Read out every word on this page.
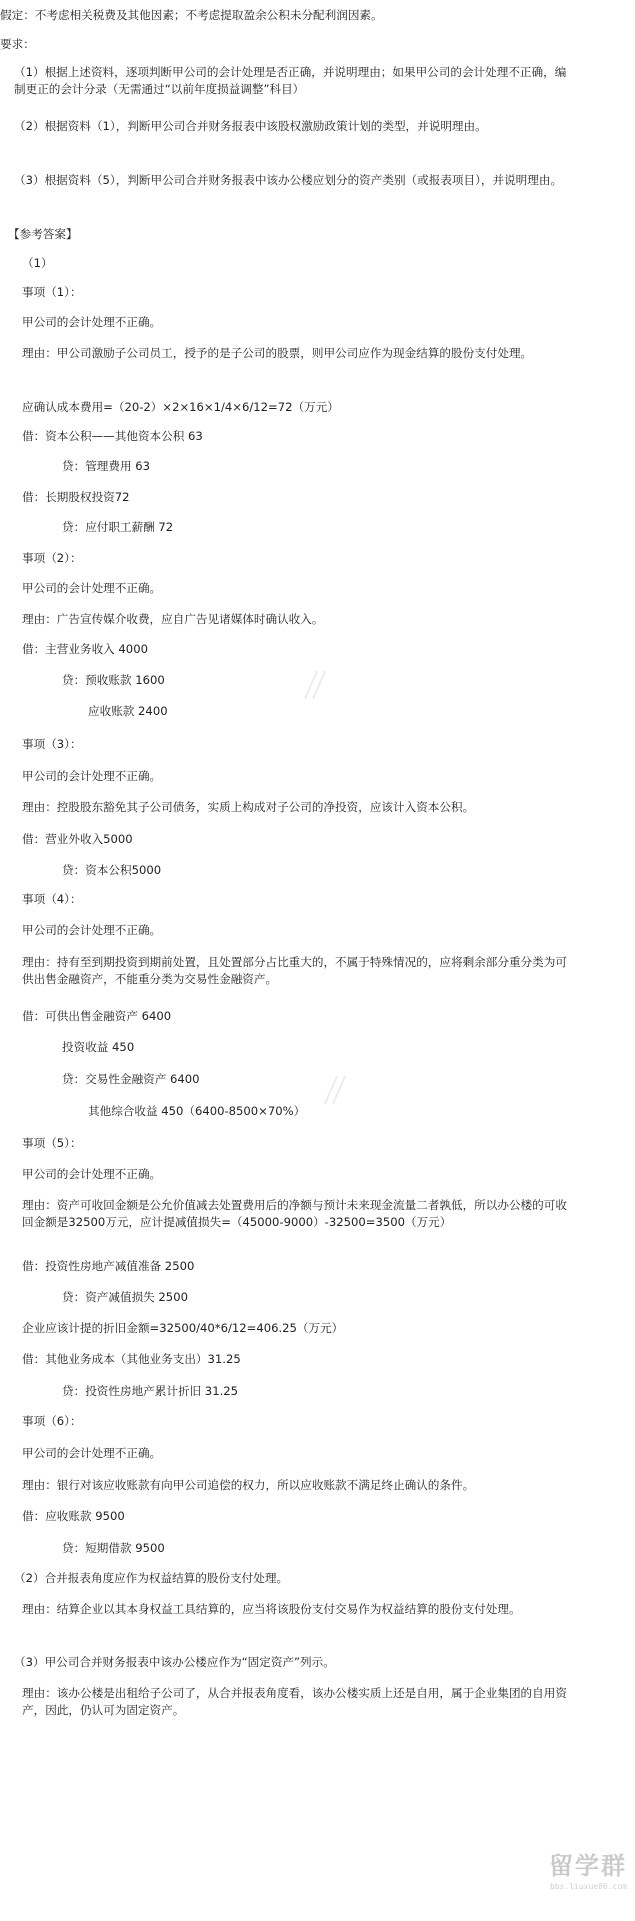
假定：不考虑相关税费及其他因素；不考虑提取盈余公积未分配利润因素。
要求：
（1）根据上述资料，逐项判断甲公司的会计处理是否正确，并说明理由；如果甲公司的会计处理不正确，编制更正的会计分录（无需通过“以前年度损益调整”科目）
（2）根据资料（1），判断甲公司合并财务报表中该股权激励政策计划的类型，并说明理由。
（3）根据资料（5），判断甲公司合并财务报表中该办公楼应划分的资产类别（或报表项目），并说明理由。
【参考答案】
（1）
事项（1）：
甲公司的会计处理不正确。
理由：甲公司激励子公司员工，授予的是子公司的股票，则甲公司应作为现金结算的股份支付处理。
应确认成本费用=（20-2）×2×16×1/4×6/12=72（万元）
借：资本公积——其他资本公积 63
贷：管理费用 63
借：长期股权投资72
贷：应付职工薪酬 72
事项（2）：
甲公司的会计处理不正确。
理由：广告宣传媒介收费，应自广告见诸媒体时确认收入。
借：主营业务收入 4000
贷：预收账款 1600
应收账款 2400
事项（3）：
甲公司的会计处理不正确。
理由：控股股东豁免其子公司债务，实质上构成对子公司的净投资，应该计入资本公积。
借：营业外收入5000
贷：资本公积5000
事项（4）：
甲公司的会计处理不正确。
理由：持有至到期投资到期前处置，且处置部分占比重大的，不属于特殊情况的，应将剩余部分重分类为可供出售金融资产，不能重分类为交易性金融资产。
借：可供出售金融资产 6400
投资收益 450
贷：交易性金融资产 6400
其他综合收益 450（6400-8500×70%）
事项（5）：
甲公司的会计处理不正确。
理由：资产可收回金额是公允价值减去处置费用后的净额与预计未来现金流量二者孰低，所以办公楼的可收回金额是32500万元，应计提减值损失=（45000-9000）-32500=3500（万元）
借：投资性房地产减值准备 2500
贷：资产减值损失 2500
企业应该计提的折旧金额=32500/40*6/12=406.25（万元）
借：其他业务成本（其他业务支出）31.25
贷：投资性房地产累计折旧 31.25
事项（6）：
甲公司的会计处理不正确。
理由：银行对该应收账款有向甲公司追偿的权力，所以应收账款不满足终止确认的条件。
借：应收账款 9500
贷：短期借款 9500
（2）合并报表角度应作为权益结算的股份支付处理。
理由：结算企业以其本身权益工具结算的，应当将该股份支付交易作为权益结算的股份支付处理。
（3）甲公司合并财务报表中该办公楼应作为“固定资产”列示。
理由：该办公楼是出租给子公司了，从合并报表角度看，该办公楼实质上还是自用，属于企业集团的自用资产，因此，仍认可为固定资产。
留学群
bbs.liuxue86.com
